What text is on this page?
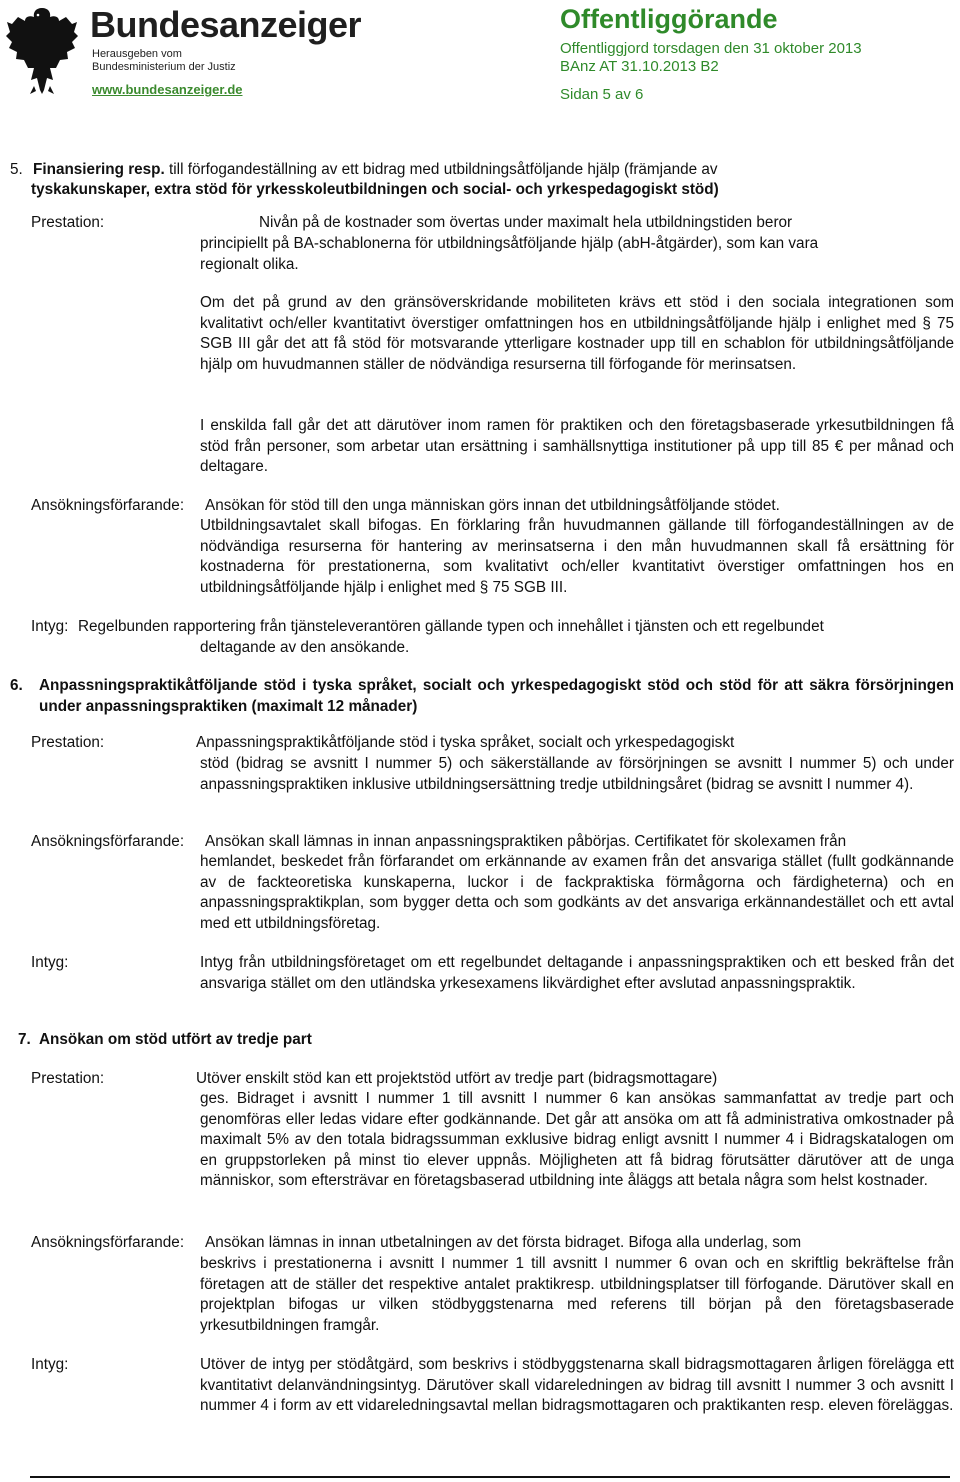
Bundesanzeiger
Herausgeben vom
Bundesministerium der Justiz
www.bundesanzeiger.de
Offentliggörande
Offentliggjord torsdagen den 31 oktober 2013
BAnz AT 31.10.2013 B2
Sidan 5 av 6
5. Finansiering resp. till förfogandeställning av ett bidrag med utbildningsåtföljande hjälp (främjande av
tyskakunskaper, extra stöd för yrkesskoleutbildningen och social- och yrkespedagogiskt stöd)
Prestation:	Nivån på de kostnader som övertas under maximalt hela utbildningstiden beror
principiellt på BA-schablonerna för utbildningsåtföljande hjälp (abH-åtgärder), som kan vara
regionalt olika.
Om det på grund av den gränsöverskridande mobiliteten krävs ett stöd i den sociala integrationen som kvalitativt och/eller kvantitativt överstiger omfattningen hos en utbildningsåtföljande hjälp i enlighet med § 75 SGB III går det att få stöd för motsvarande ytterligare kostnader upp till en schablon för utbildningsåtföljande hjälp om huvudmannen ställer de nödvändiga resurserna till förfogande för merinsatsen.
I enskilda fall går det att därutöver inom ramen för praktiken och den företagsbaserade yrkesutbildningen få stöd från personer, som arbetar utan ersättning i samhällsnyttiga institutioner på upp till 85 € per månad och deltagare.
Ansökningsförfarande: Ansökan för stöd till den unga människan görs innan det utbildningsåtföljande stödet.
Utbildningsavtalet skall bifogas. En förklaring från huvudmannen gällande till förfogandeställningen av de nödvändiga resurserna för hantering av merinsatserna i den mån huvudmannen skall få ersättning för kostnaderna för prestationerna, som kvalitativt och/eller kvantitativt överstiger omfattningen hos en utbildningsåtföljande hjälp i enlighet med § 75 SGB III.
Intyg: Regelbunden rapportering från tjänsteleverantören gällande typen och innehållet i tjänsten och ett regelbundet
deltagande av den ansökande.
6.	Anpassningspraktikåtföljande stöd i tyska språket, socialt och yrkespedagogiskt stöd och stöd för att säkra försörjningen under anpassningspraktiken (maximalt 12 månader)
Prestation:	Anpassningspraktikåtföljande stöd i tyska språket, socialt och yrkespedagogiskt
stöd (bidrag se avsnitt I nummer 5) och säkerställande av försörjningen se avsnitt I nummer 5) och under anpassningspraktiken inklusive utbildningsersättning tredje utbildningsåret (bidrag se avsnitt I nummer 4).
Ansökningsförfarande: Ansökan skall lämnas in innan anpassningspraktiken påbörjas. Certifikatet för skolexamen från
hemlandet, beskedet från förfarandet om erkännande av examen från det ansvariga stället (fullt godkännande av de fackteoretiska kunskaperna, luckor i de fackpraktiska förmågorna och färdigheterna) och en anpassningspraktikplan, som bygger detta och som godkänts av det ansvariga erkännandestället och ett avtal med ett utbildningsföretag.
Intyg:	Intyg från utbildningsföretaget om ett regelbundet deltagande i anpassningspraktiken och ett besked från det ansvariga stället om den utländska yrkesexamens likvärdighet efter avslutad anpassningspraktik.
7. Ansökan om stöd utfört av tredje part
Prestation:	Utöver enskilt stöd kan ett projektstöd utfört av tredje part (bidragsmottagare)
ges. Bidraget i avsnitt I nummer 1 till avsnitt I nummer 6 kan ansökas sammanfattat av tredje part och genomföras eller ledas vidare efter godkännande. Det går att ansöka om att få administrativa omkostnader på maximalt 5% av den totala bidragssumman exklusive bidrag enligt avsnitt I nummer 4 i Bidragskatalogen om en gruppstorleken på minst tio elever uppnås. Möjligheten att få bidrag förutsätter därutöver att de unga människor, som eftersträvar en företagsbaserad utbildning inte åläggs att betala några som helst kostnader.
Ansökningsförfarande: Ansökan lämnas in innan utbetalningen av det första bidraget. Bifoga alla underlag, som
beskrivs i prestationerna i avsnitt I nummer 1 till avsnitt I nummer 6 ovan och en skriftlig bekräftelse från företagen att de ställer det respektive antalet praktikresp. utbildningsplatser till förfogande. Därutöver skall en projektplan bifogas ur vilken stödbyggstenarna med referens till början på den företagsbaserade yrkesutbildningen framgår.
Intyg:	Utöver de intyg per stödåtgärd, som beskrivs i stödbyggstenarna skall bidragsmottagaren årligen förelägga ett kvantitativt delanvändningsintyg. Därutöver skall vidareledningen av bidrag till avsnitt I nummer 3 och avsnitt I nummer 4 i form av ett vidareledningsavtal mellan bidragsmottagaren och praktikanten resp. eleven föreläggas.
